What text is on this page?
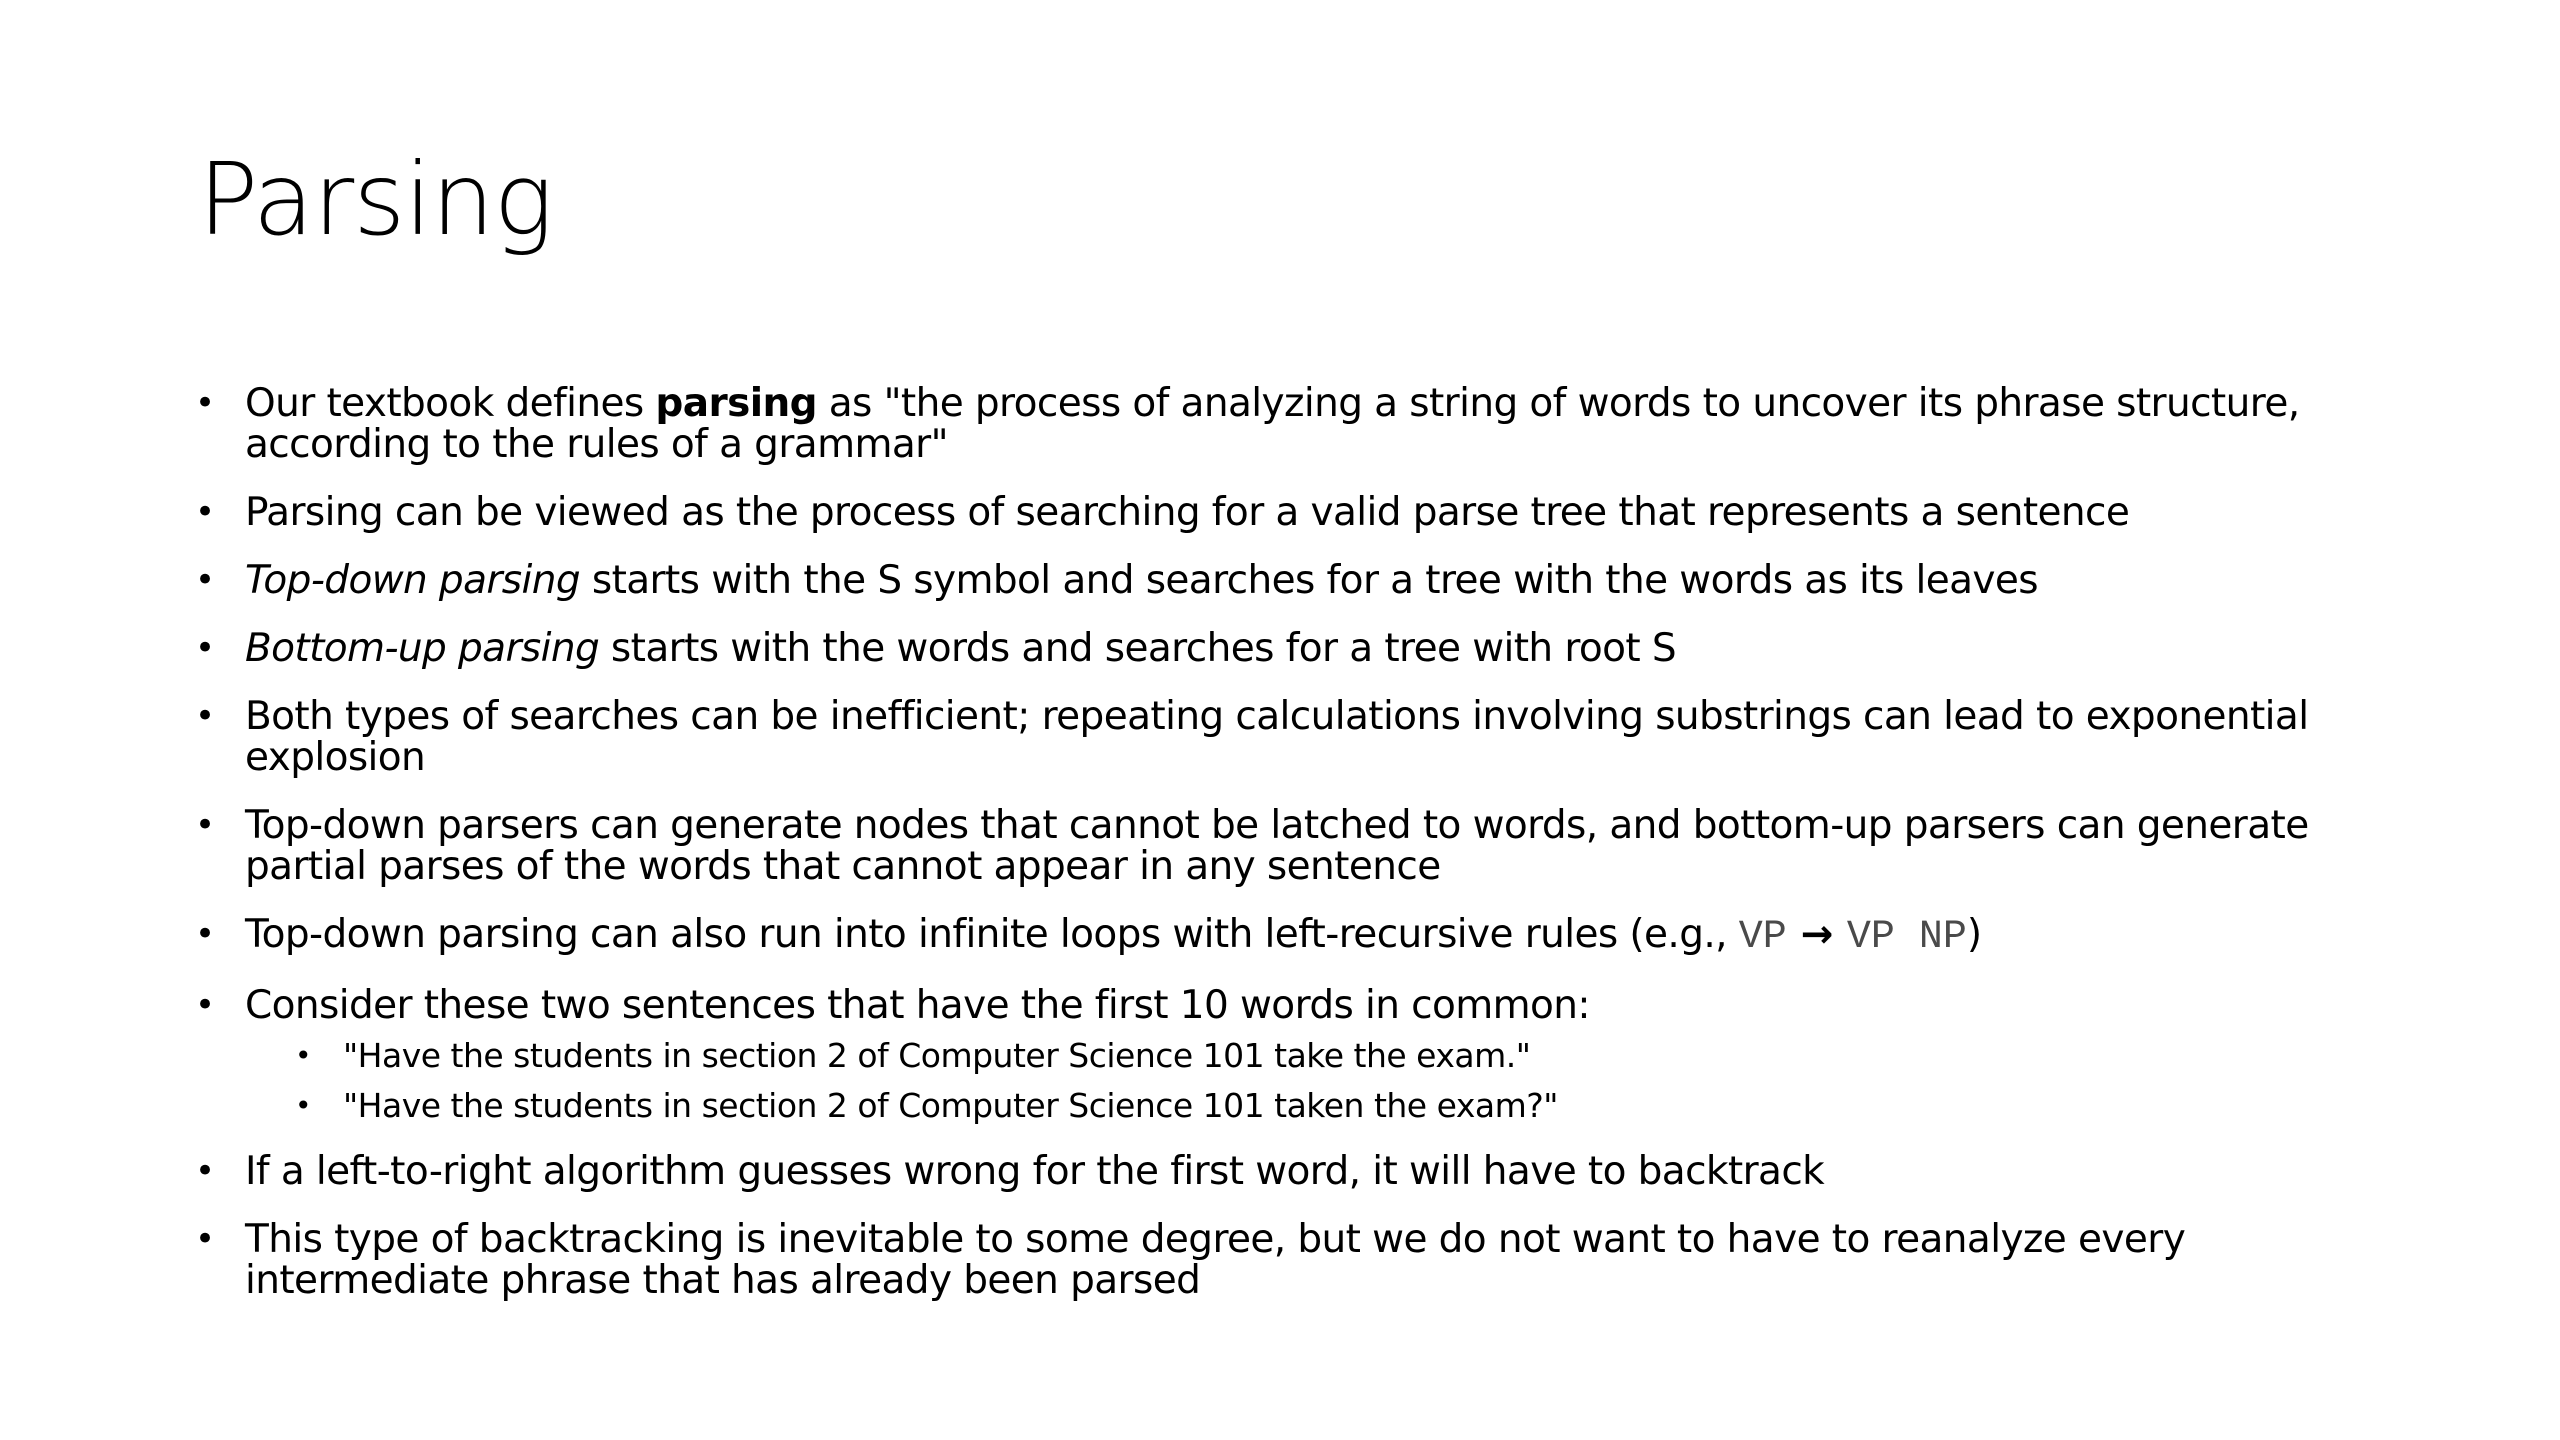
Parsing
• Our textbook defines parsing as "the process of analyzing a string of words to uncover its phrase structure, according to the rules of a grammar"
• Parsing can be viewed as the process of searching for a valid parse tree that represents a sentence
• Top-down parsing starts with the S symbol and searches for a tree with the words as its leaves
• Bottom-up parsing starts with the words and searches for a tree with root S
• Both types of searches can be inefficient; repeating calculations involving substrings can lead to exponential explosion
• Top-down parsers can generate nodes that cannot be latched to words, and bottom-up parsers can generate partial parses of the words that cannot appear in any sentence
• Top-down parsing can also run into infinite loops with left-recursive rules (e.g., VP → VP NP)
• Consider these two sentences that have the first 10 words in common:
• "Have the students in section 2 of Computer Science 101 take the exam."
• "Have the students in section 2 of Computer Science 101 taken the exam?"
• If a left-to-right algorithm guesses wrong for the first word, it will have to backtrack
• This type of backtracking is inevitable to some degree, but we do not want to have to reanalyze every intermediate phrase that has already been parsed
